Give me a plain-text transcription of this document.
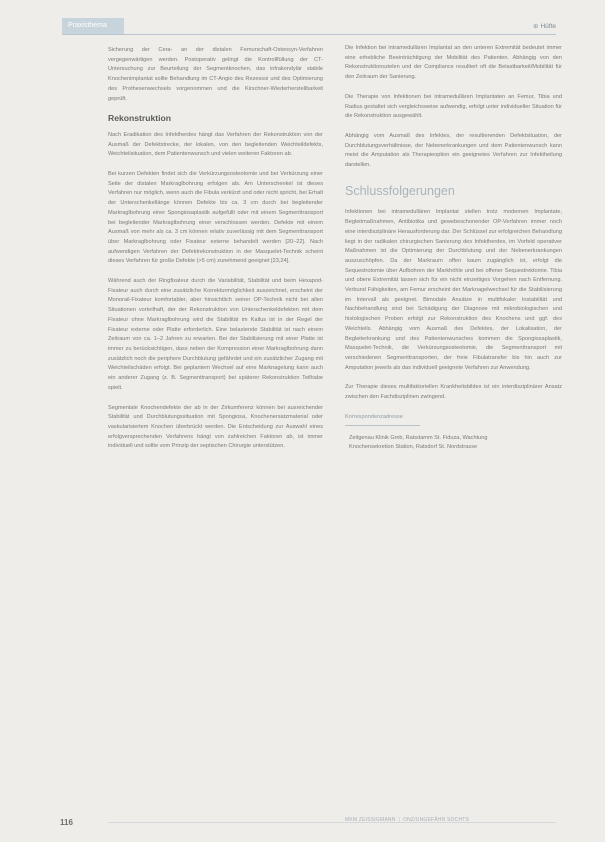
Praxisthema	⊕ Hüfte

Sicherung der Cera- an der distalen Femurschaft-Osteosyn-Verfahren vergegenwärtigen werden. Postoperativ gelingt die Kontrollfüllung der CT-Untersuchung zur Beurteilung der Segmentknochen, das infrakondylär stabile Knochenimplantat sollte Behandlung im CT-Angio des Rezessoi und des Optimierung des Prothesenwechsels vorgenommen und die Kirschner-Wiederherstellbarkeit geprüft.

Rekonstruktion

Nach Eradikation des Infektherdes hängt das Verfahren der Rekonstruktion von der Ausmaß der Defektstrecke, der lokalen, von den begleitenden Weichteildefekts, Weichteilsituation, dem Patientenwunsch und vielen weiteren Faktoren ab.

Bei kurzen Defekten findet sich die Verkürzungsosteotomie und bei Verkürzung einer Seite der distalen Markraglbohrung erfolgen als. Am Unterschenkel ist dieses Verfahren nur möglich, wenn auch die Fibula verkürzt und oder nicht spricht, bei Erhalt der Unterschenkellänge können Defekte bis ca. 3 cm durch bei begleitender Markraglbohrung einer Spongiosaplastik aufgefüllt oder mit einem Segmenttransport bei begleitender Markraglbohrung einer verschlossen werden. Defekte mit einem Ausmaß von mehr als ca. 3 cm können relativ zuverlässig mit dem Segmenttransport über Markraglbohrung oder Fixateur externe behandelt werden [20–22]. Nach aufwendigen Verfahren der Defektrekonstruktion in der Masquelet-Technik scheint dieses Verfahren für große Defekte (>5 cm) zunehmend geeignet [23,24].

Während auch der Ringfixateur durch die Variabilität, Stabilität und beim Hexapod-Fixateur auch durch eine zusätzliche Korrekturmöglichkeit auszeichnet, erscheint der Monorail-Fixateur komfortabler, aber hinsichtlich seiner OP-Technik nicht bei allen Situationen vorteilhaft, der der Rekonstruktion von Unterschenkeldefekten mit dem Fixateur ohne Markraglbohrung wird die Stabilität im Kallus ist in der Regel der Fixateur externe oder Platte erforderlich. Eine belastende Stabilität ist nach einem Zeitraum von ca. 1–2 Jahren zu erwarten. Bei der Stabilisierung mit einer Platte ist immer zu berücksichtigen, dass neben der Kompression einer Markraglbohrung dann zusätzlich noch die periphere Durchblutung gefährdet und ein zusätzlicher Zugang mit Weichteilschäden erfolgt. Bei geplantem Wechsel auf eine Marknagelung kann auch ein anderer Zugang (z. B. Segmenttransport) bei späterer Rekonstruktion Teilhabe spielt.

Segmentale Knochendefekte der ab in der Zirkumferenz können bei ausreichender Stabilität und Durchblutungssituation mit Spongiosa, Knochenersatzmaterial oder vaskularisiertem Knochen überbrückt werden. Die Entscheidung zur Auswahl eines erfolgversprechenden Verfahrens hängt von zahlreichen Faktoren ab, ist immer individuell und sollte vom Prinzip der septischen Chirurgie unterstützen.

Die Infektion bei intramedullären Implantat an den unteren Extremität bedeutet immer eine erhebliche Beeinträchtigung der Mobilität des Patienten. Abhängig von den Rekonstruktionszielen und der Compliance resultiert oft die Belastbarkeit/Mobilität für den Zeitraum der Sanierung.

Die Therapie von Infektionen bei intramedullären Implantaten an Femur, Tibia und Radius gestaltet sich vergleichsweise aufwendig, erfolgt unter individueller Situation für die Rekonstruktion ausgewählt.

Abhängig vom Ausmaß des Infektes, der resultierenden Defektsituation, der Durchblutungsverhältnisse, der Nebenerkrankungen und dem Patientenwunsch kann meist die Amputation als Therapieoption ein geeignetes Verfahren zur Infektheilung darstellen.

Schlussfolgerungen

Infektionen bei intramedullären Implantat stellen trotz modernen Implantate, Begleitmaßnahmen, Antibiotika und gewebeschonender OP-Verfahren immer noch eine interdisziplinäre Herausforderung dar. Der Schlüssel zur erfolgreichen Behandlung liegt in der radikalen chirurgischen Sanierung des Infektherdes, im Vorfeld operativer Maßnahmen ist die Optimierung der Durchblutung und der Nebenerkrankungen auszuschöpfen. Da der Markraum offen kaum zugänglich ist, erfolgt die Sequestrotomie über Aufbohren der Markhöhle und bei offener Sequestrektomie. Tibia und obere Extremität lassen sich für ein nicht einzeitiges Vorgehen nach Entfernung. Verbund Fähigkeiten, am Femur erscheint der Marknagelwechsel für die Stabilisierung im Intervall als geeignet. Bimodale Ansätze in multifokaler Instabilität und Nachbehandlung sind bei Schädigung der Diagnose mit mikrobiologischen und histologischen Proben erfolgt zur Rekonstruktion des Knochens und ggf. des Weichteils. Abhängig vom Ausmaß des Defektes, der Lokalisation, der Begleiterkrankung und des Patientenwunsches kommen die Spongiosaplastik, Masquelet-Technik, die Verkürzungsosteotomie, die Segmenttransport mit verschiedenen Segmenttransporten, der freie Fibulatransfer bis hin auch zur Amputation jeweils als das individuell geeignete Verfahren zur Anwendung.

Zur Therapie dieses multifaktoriellen Krankheitsbildes ist ein interdisziplinärer Ansatz zwischen den Fachdisziplinen zwingend.

Korrespondenzadresse

Zeitgenau Klinik Gmb, Ratsdamm St. Fiduza, Wachtung

Knochensekretion Station, Ratsdorf St. Nordstrasse

116	MKM ZEISSIGMANN | ONZ/UNGEFÄHR SOCHTS
